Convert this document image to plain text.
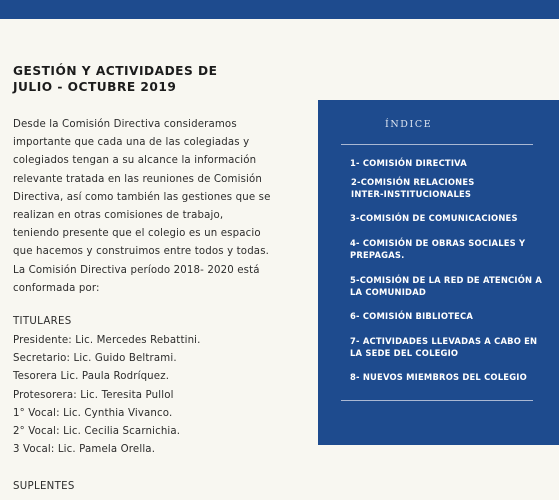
GESTIÓN Y ACTIVIDADES DE
JULIO - OCTUBRE 2019
Desde la Comisión Directiva consideramos
importante que cada una de las colegiadas y
colegiados tengan a su alcance la información
relevante tratada en las reuniones de Comisión
Directiva, así como también las gestiones que se
realizan en otras comisiones de trabajo,
teniendo presente que el colegio es un espacio
que hacemos y construimos entre todos y todas.
La Comisión Directiva período 2018- 2020 está
conformada por:
TITULARES
Presidente: Lic. Mercedes Rebattini.
Secretario: Lic. Guido Beltrami.
Tesorera Lic. Paula Rodríquez.
Protesorera: Lic. Teresita Pullol
1° Vocal: Lic. Cynthia Vivanco.
2° Vocal: Lic. Cecilia Scarnichia.
3 Vocal: Lic. Pamela Orella.
SUPLENTES
ÍNDICE
1- COMISIÓN DIRECTIVA
2-COMISIÓN RELACIONES
INTER-INSTITUCIONALES
3-COMISIÓN DE COMUNICACIONES
4- COMISIÓN DE OBRAS SOCIALES Y
PREPAGAS.
5-COMISIÓN DE LA RED DE ATENCIÓN A
LA COMUNIDAD
6- COMISIÓN BIBLIOTECA
7- ACTIVIDADES LLEVADAS A CABO EN
LA SEDE DEL COLEGIO
8- NUEVOS MIEMBROS DEL COLEGIO
